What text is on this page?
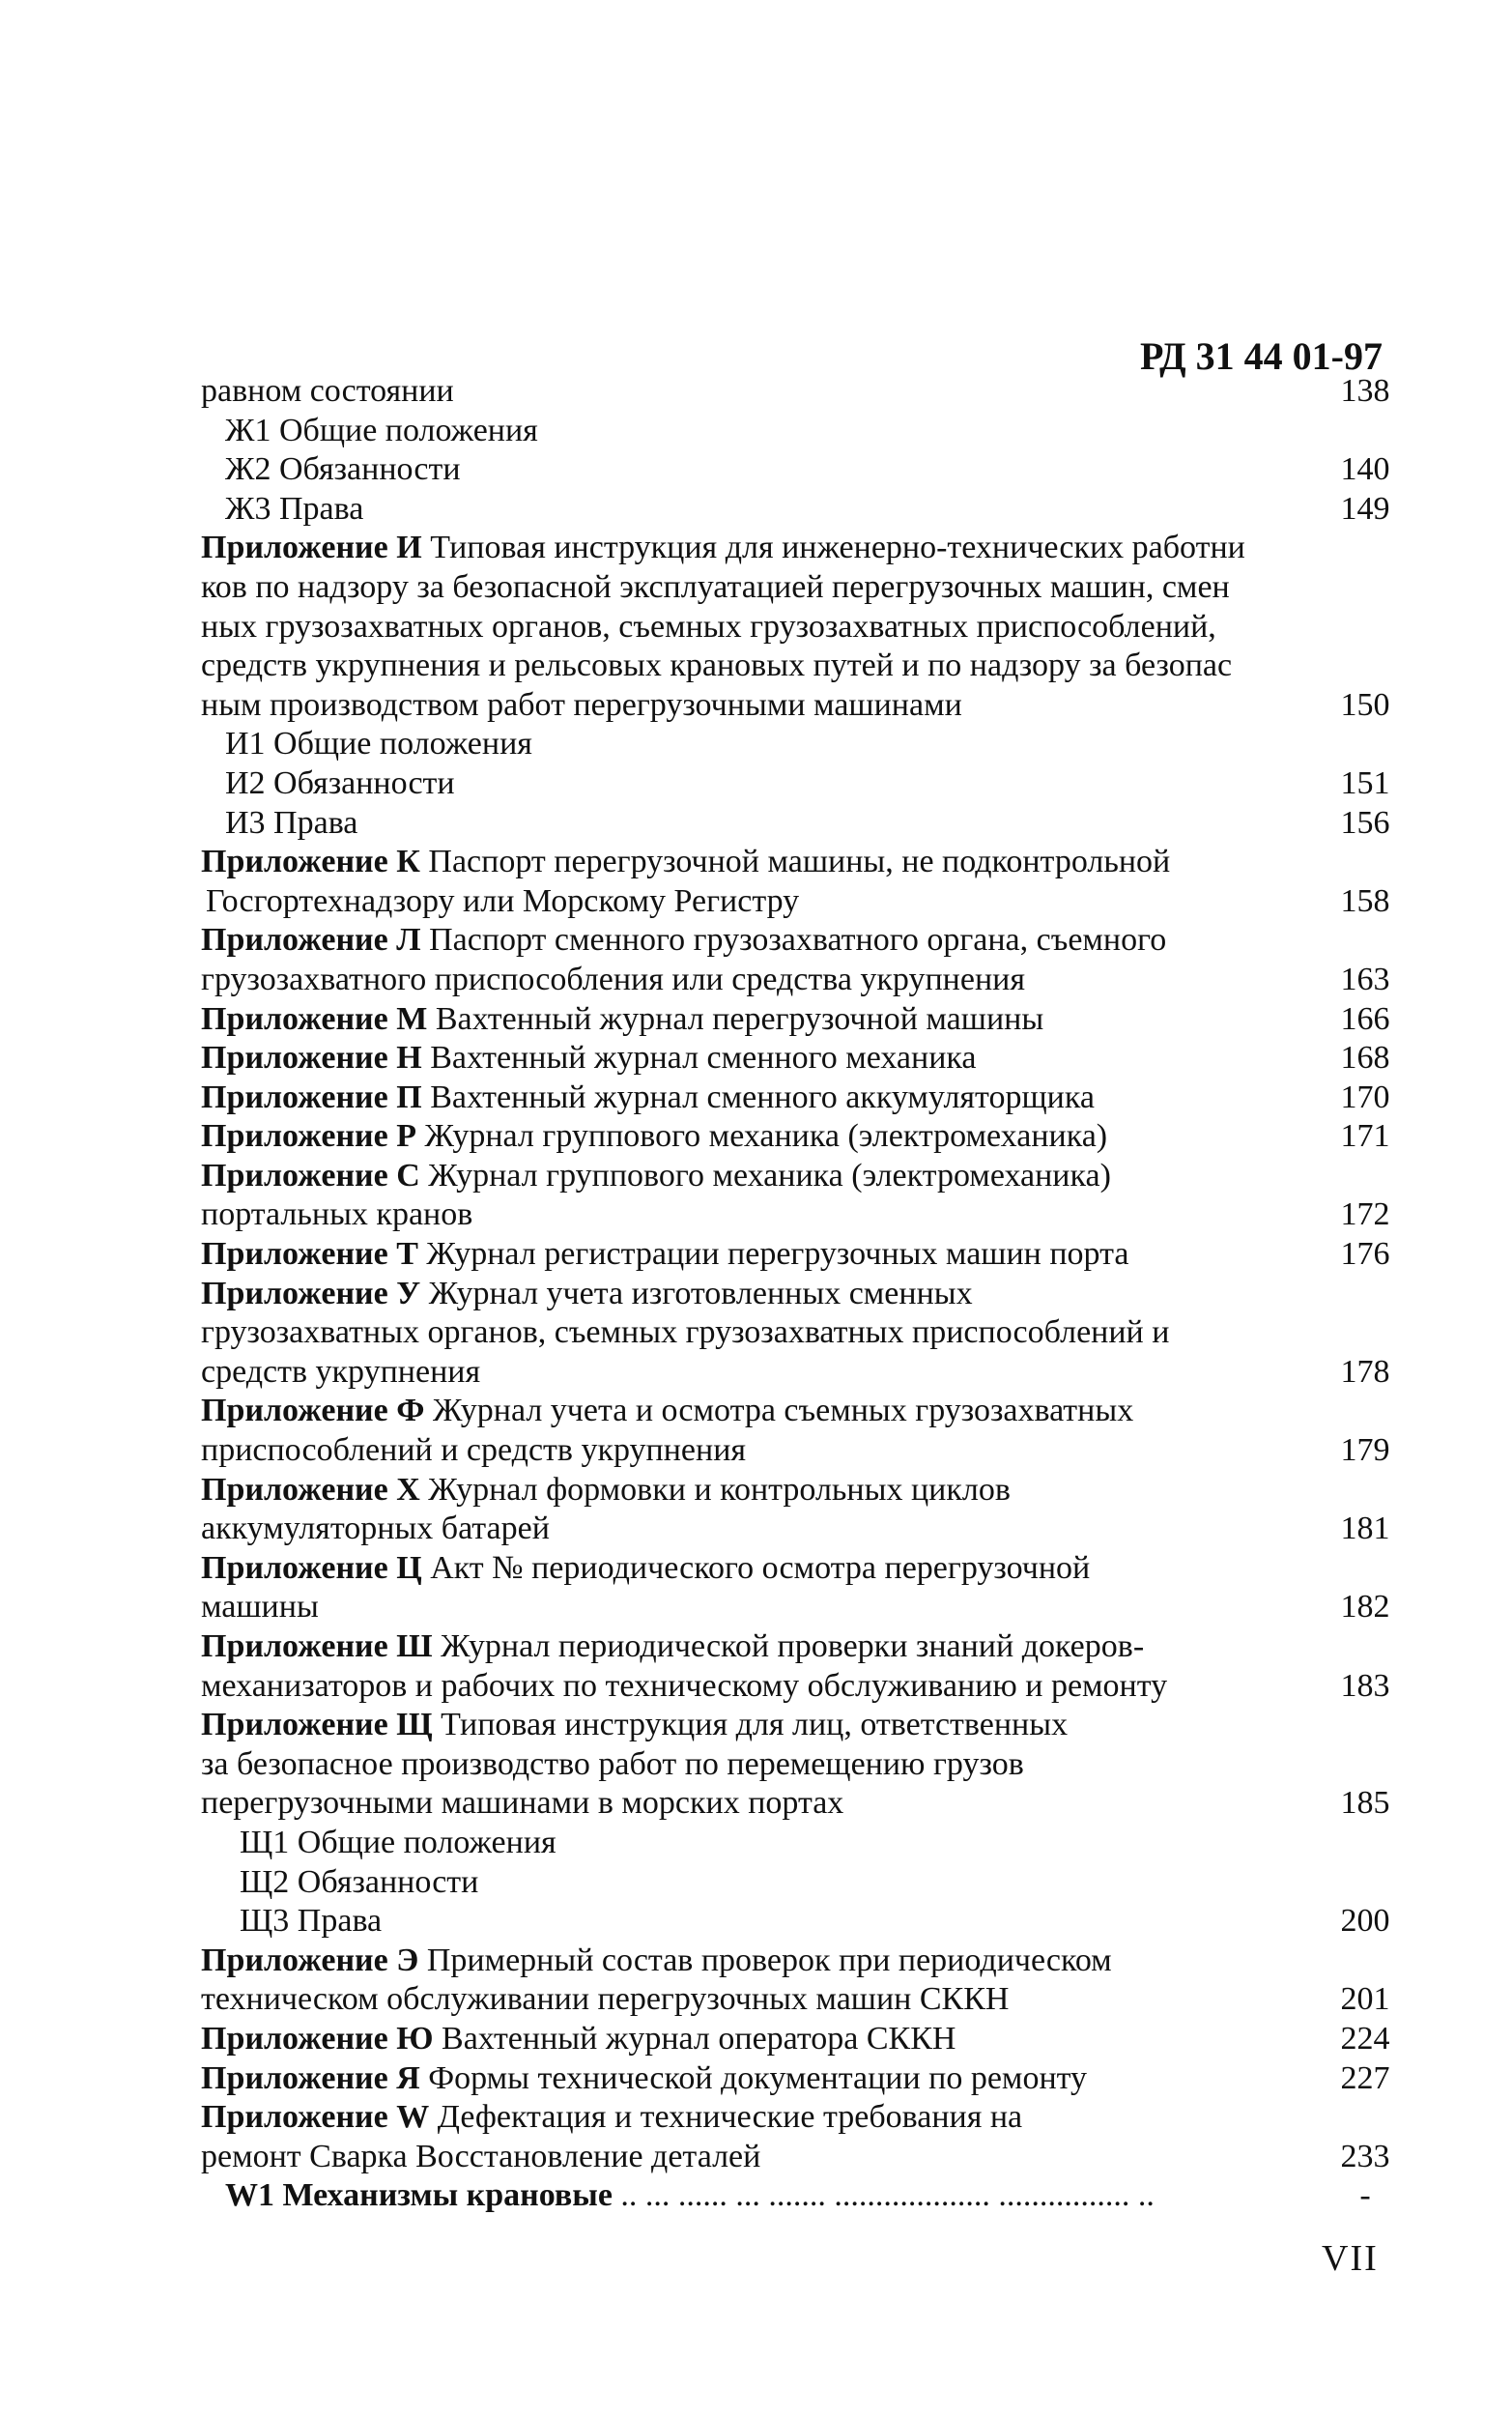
РД 31 44 01-97
равном состоянии	138
Ж1 Общие положения
Ж2 Обязанности	140
Ж3 Права	149
Приложение И Типовая инструкция для инженерно-технических работни
ков по надзору за безопасной эксплуатацией перегрузочных машин, смен
ных грузозахватных органов, съемных грузозахватных приспособлений,
средств укрупнения и рельсовых крановых путей и по надзору за безопас
ным производством работ перегрузочными машинами	150
И1 Общие положения
И2 Обязанности	151
И3 Права	156
Приложение К Паспорт перегрузочной машины, не подконтрольной
Госгортехнадзору или Морскому Регистру	158
Приложение Л Паспорт сменного грузозахватного органа, съемного
грузозахватного приспособления или средства укрупнения	163
Приложение М Вахтенный журнал перегрузочной машины	166
Приложение Н Вахтенный журнал сменного механика	168
Приложение П Вахтенный журнал сменного аккумуляторщика	170
Приложение Р Журнал группового механика (электромеханика)	171
Приложение С Журнал группового механика (электромеханика)
портальных кранов	172
Приложение Т Журнал регистрации перегрузочных машин порта	176
Приложение У Журнал учета изготовленных сменных
грузозахватных органов, съемных грузозахватных приспособлений и
средств укрупнения	178
Приложение Ф Журнал учета и осмотра съемных грузозахватных
приспособлений и средств укрупнения	179
Приложение Х Журнал формовки и контрольных циклов
аккумуляторных батарей	181
Приложение Ц Акт № периодического осмотра перегрузочной
машины	182
Приложение Ш Журнал периодической проверки знаний докеров-
механизаторов и рабочих по техническому обслуживанию и ремонту	183
Приложение Щ Типовая инструкция для лиц, ответственных
за безопасное производство работ по перемещению грузов
перегрузочными машинами в морских портах	185
Щ1 Общие положения
Щ2 Обязанности
Щ3 Права	200
Приложение Э Примерный состав проверок при периодическом
техническом обслуживании перегрузочных машин СККН	201
Приложение Ю Вахтенный журнал оператора СККН	224
Приложение Я Формы технической документации по ремонту	227
Приложение W Дефектация и технические требования на
ремонт Сварка Восстановление деталей	233
W1 Механизмы крановые .. ... ...... ... ....... ................... ................ ..	-
VII
